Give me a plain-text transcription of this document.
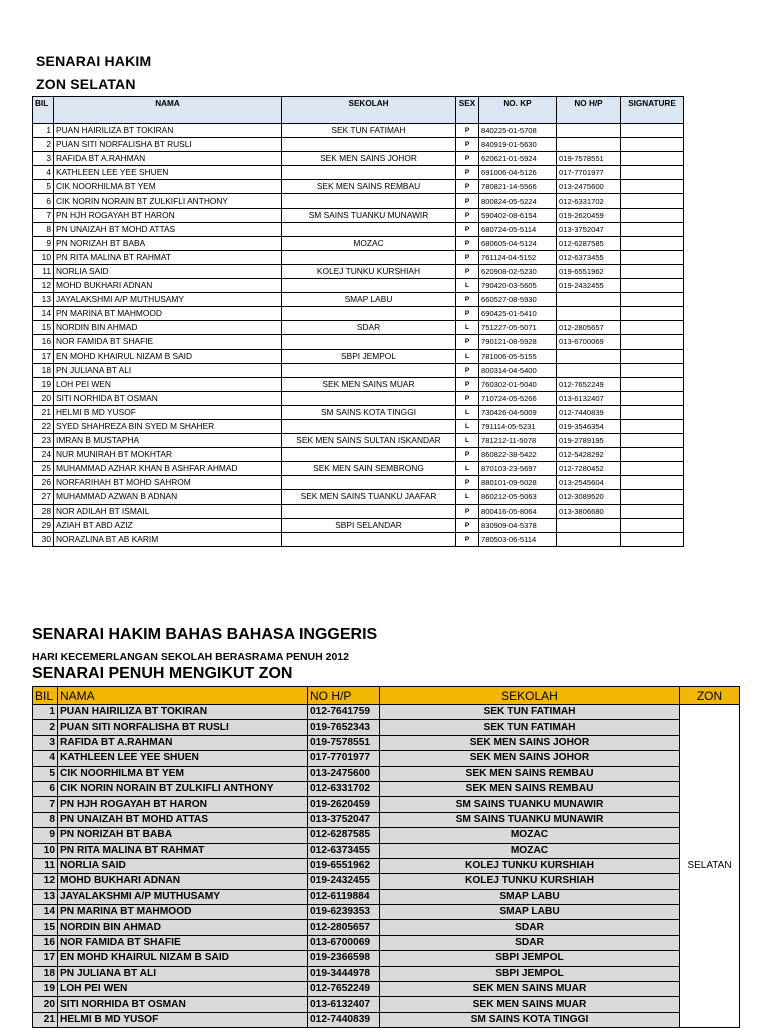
SENARAI HAKIM
ZON SELATAN
BIL	NAMA	SEKOLAH	SEX	NO. KP	NO H/P	SIGNATURE
1	PUAN HAIRILIZA BT TOKIRAN	SEK TUN FATIMAH	P	840225-01-5708		
2	PUAN SITI NORFALISHA BT RUSLI		P	840919-01-5630		
3	RAFIDA BT A.RAHMAN	SEK MEN SAINS JOHOR	P	620621-01-5924	019-7578551	
4	KATHLEEN LEE YEE SHUEN		P	691006-04-5126	017-7701977	
5	CIK NOORHILMA BT YEM	SEK MEN SAINS REMBAU	P	780821-14-5566	013-2475600	
6	CIK NORIN NORAIN BT ZULKIFLI ANTHONY		P	800824-05-5224	012-6331702	
7	PN HJH ROGAYAH BT HARON	SM SAINS TUANKU MUNAWIR	P	590402-08-6154	019-2620459	
8	PN UNAIZAH BT MOHD ATTAS		P	680724-05-5114	013-3752047	
9	PN NORIZAH BT BABA	MOZAC	P	680605-04-5124	012-6287585	
10	PN RITA MALINA BT RAHMAT		P	761124-04-5152	012-6373455	
11	NORLIA SAID	KOLEJ TUNKU KURSHIAH	P	620908-02-5230	019-6551962	
12	MOHD BUKHARI ADNAN		L	790420-03-5605	019-2432455	
13	JAYALAKSHMI A/P MUTHUSAMY	SMAP LABU	P	660527-08-5930		
14	PN MARINA BT MAHMOOD		P	690425-01-5410		
15	NORDIN BIN AHMAD	SDAR	L	751227-05-5071	012-2805657	
16	NOR FAMIDA BT SHAFIE		P	790121-08-5928	013-6700069	
17	EN MOHD KHAIRUL NIZAM B SAID	SBPI JEMPOL	L	781006-05-5155		
18	PN JULIANA BT ALI		P	800314-04-5400		
19	LOH PEI WEN	SEK MEN SAINS MUAR	P	760302-01-5040	012-7652249	
20	SITI NORHIDA BT OSMAN		P	710724-05-5266	013-6132407	
21	HELMI B MD YUSOF	SM SAINS KOTA TINGGI	L	730426-04-5009	012-7440839	
22	SYED SHAHREZA BIN SYED M SHAHER		L	791114-05-5231	019-3546354	
23	IMRAN B MUSTAPHA	SEK MEN SAINS SULTAN ISKANDAR	L	781212-11-5078	019-2789195	
24	NUR MUNIRAH BT MOKHTAR		P	860822-38-5422	012-5428292	
25	MUHAMMAD AZHAR KHAN B ASHFAR AHMAD	SEK MEN SAIN SEMBRONG	L	870103-23-5697	012-7280452	
26	NORFARIHAH BT MOHD SAHROM		P	880101-09-5028	013-2545604	
27	MUHAMMAD AZWAN B ADNAN	SEK MEN SAINS TUANKU JAAFAR	L	860212-05-5063	012-3089520	
28	NOR ADILAH BT ISMAIL		P	800416-05-8064	013-3806680	
29	AZIAH BT ABD AZIZ	SBPI SELANDAR	P	830909-04-5378		
30	NORAZLINA BT AB KARIM		P	780503-06-5114		
SENARAI HAKIM BAHAS BAHASA INGGERIS
HARI KECEMERLANGAN SEKOLAH BERASRAMA PENUH 2012
SENARAI PENUH MENGIKUT ZON
BIL	NAMA	NO H/P	SEKOLAH	ZON
1	PUAN HAIRILIZA BT TOKIRAN	012-7641759	SEK TUN FATIMAH	SELATAN
2	PUAN SITI NORFALISHA BT RUSLI	019-7652343	SEK TUN FATIMAH	
3	RAFIDA BT A.RAHMAN	019-7578551	SEK MEN SAINS JOHOR	
4	KATHLEEN LEE YEE SHUEN	017-7701977	SEK MEN SAINS JOHOR	
5	CIK NOORHILMA BT YEM	013-2475600	SEK MEN SAINS REMBAU	
6	CIK NORIN NORAIN BT ZULKIFLI ANTHONY	012-6331702	SEK MEN SAINS REMBAU	
7	PN HJH ROGAYAH BT HARON	019-2620459	SM SAINS TUANKU MUNAWIR	
8	PN UNAIZAH BT MOHD ATTAS	013-3752047	SM SAINS TUANKU MUNAWIR	
9	PN NORIZAH BT BABA	012-6287585	MOZAC	
10	PN RITA MALINA BT RAHMAT	012-6373455	MOZAC	
11	NORLIA SAID	019-6551962	KOLEJ TUNKU KURSHIAH	
12	MOHD BUKHARI ADNAN	019-2432455	KOLEJ TUNKU KURSHIAH	
13	JAYALAKSHMI A/P MUTHUSAMY	012-6119884	SMAP LABU	
14	PN MARINA BT MAHMOOD	019-6239353	SMAP LABU	
15	NORDIN BIN AHMAD	012-2805657	SDAR	
16	NOR FAMIDA BT SHAFIE	013-6700069	SDAR	
17	EN MOHD KHAIRUL NIZAM B SAID	019-2366598	SBPI JEMPOL	
18	PN JULIANA BT ALI	019-3444978	SBPI JEMPOL	
19	LOH PEI WEN	012-7652249	SEK MEN SAINS MUAR	
20	SITI NORHIDA BT OSMAN	013-6132407	SEK MEN SAINS MUAR	
21	HELMI B MD YUSOF	012-7440839	SM SAINS KOTA TINGGI	
